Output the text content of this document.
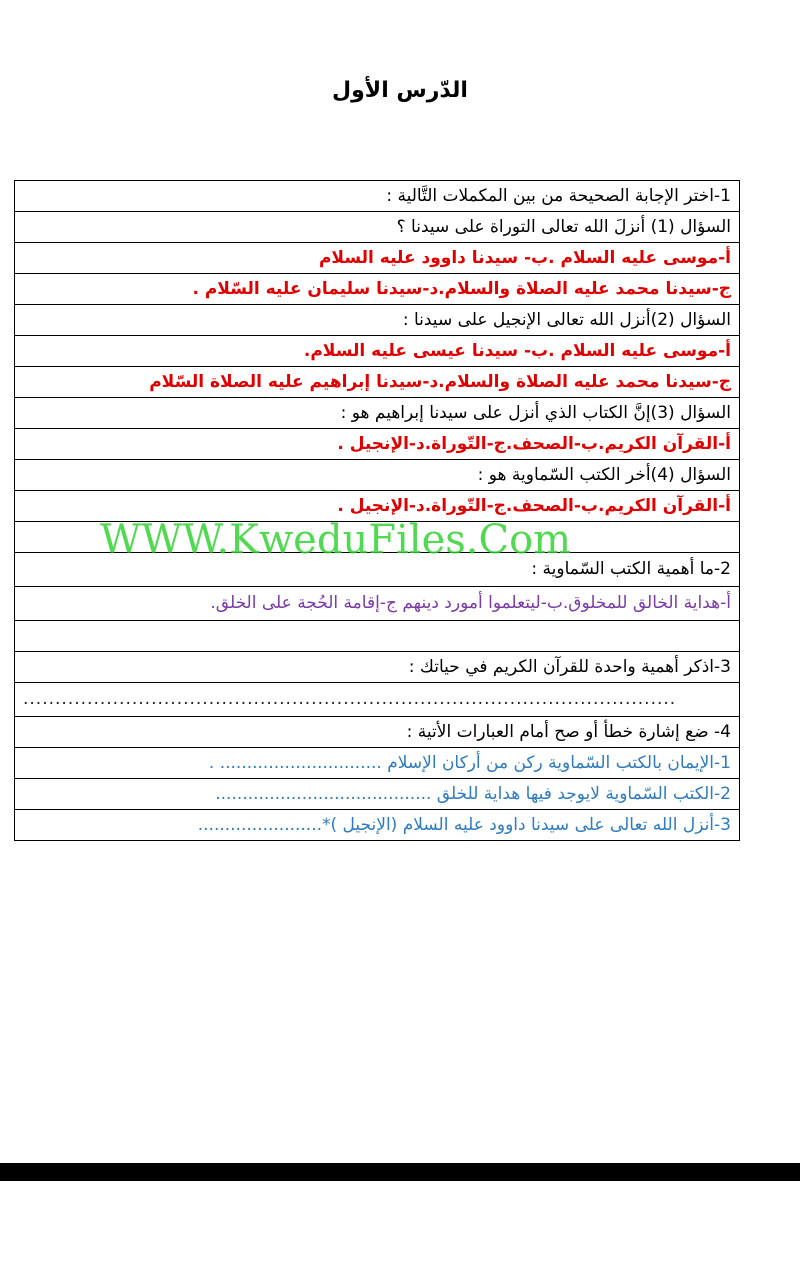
الدّرس الأول
1-اختر الإجابة الصحيحة من بين المكملات التَّالية :
السؤال (1) أنزلَ الله تعالى التوراة على سيدنا ؟
أ-موسى عليه السلام .ب- سيدنا داوود عليه السلام
ج-سيدنا محمد عليه الصلاة والسلام.د-سيدنا سليمان عليه السّلام .
السؤال (2)أنزل الله تعالى الإنجيل على سيدنا :
أ-موسى عليه السلام .ب- سيدنا عيسى عليه السلام.
ج-سيدنا محمد عليه الصلاة والسلام.د-سيدنا إبراهيم عليه الصلاة السّلام
السؤال (3)إنَّ الكتاب الذي أنزل على سيدنا إبراهيم هو :
أ-القرآن الكريم.ب-الصحف.ج-التّوراة.د-الإنجيل .
السؤال (4)أخر الكتب السّماوية هو :
أ-القرآن الكريم.ب-الصحف.ج-التّوراة.د-الإنجيل .

2-ما أهمية الكتب السّماوية :
أ-هداية الخالق للمخلوق.ب-ليتعلموا أمورد دينهم ج-إقامة الحُجة على الخلق.

3-اذكر أهمية واحدة للقرآن الكريم في حياتك :
......................................................................................................
4- ضع إشارة خطأ أو صح أمام العبارات الأتية :
1-الإيمان بالكتب السّماوية ركن من أركان الإسلام .............................. .
2-الكتب السّماوية لايوجد فيها هداية للخلق ........................................
3-أنزل الله تعالى على سيدنا داوود عليه السلام (الإنجيل )*.......................
WWW.KweduFiles.Com
